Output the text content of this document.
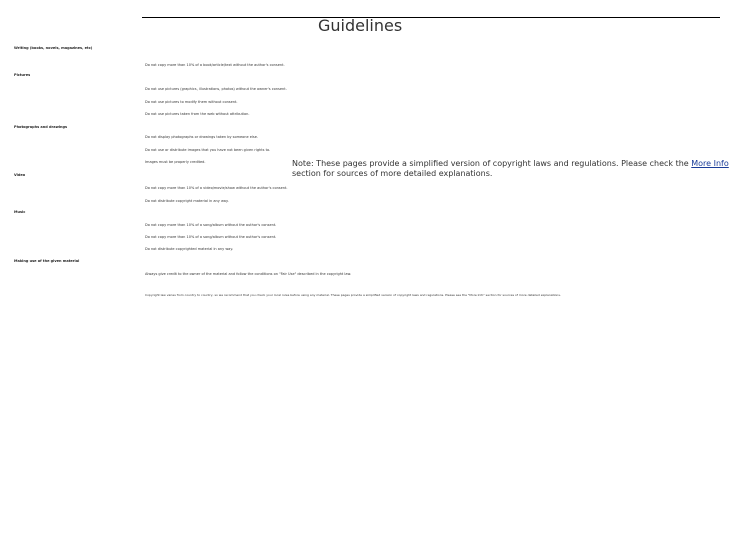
Guidelines
Writing (books, novels, magazines, etc)
Do not copy more than 10% of a book/article/text without the author's consent.
Pictures
Do not use pictures (graphics, illustrations, photos) without the owner's consent.
Do not use pictures to modify them without consent.
Do not use pictures taken from the web without attribution.
Photographs and drawings
Do not display photographs or drawings taken by someone else.
Do not use or distribute images that you have not been given rights to.
Images must be properly credited.
Video
Do not copy more than 10% of a video/movie/show without the author's consent.
Do not distribute copyright material in any way.
Music
Do not copy more than 10% of a song/album without the author's consent.
Do not copy more than 10% of a song/album without the author's consent.
Do not distribute copyrighted material in any way.
Making use of the given material
Always give credit to the owner of the material and follow the conditions on "Fair Use" described in the copyright law.
Copyright law varies from country to country, so we recommend that you check your local rules before using any material. These pages provide a simplified version of copyright laws and regulations. Please see the "More Info" section for sources of more detailed explanations.
Note: These pages provide a simplified version of copyright laws and regulations. Please check the More Info
section for sources of more detailed explanations.
